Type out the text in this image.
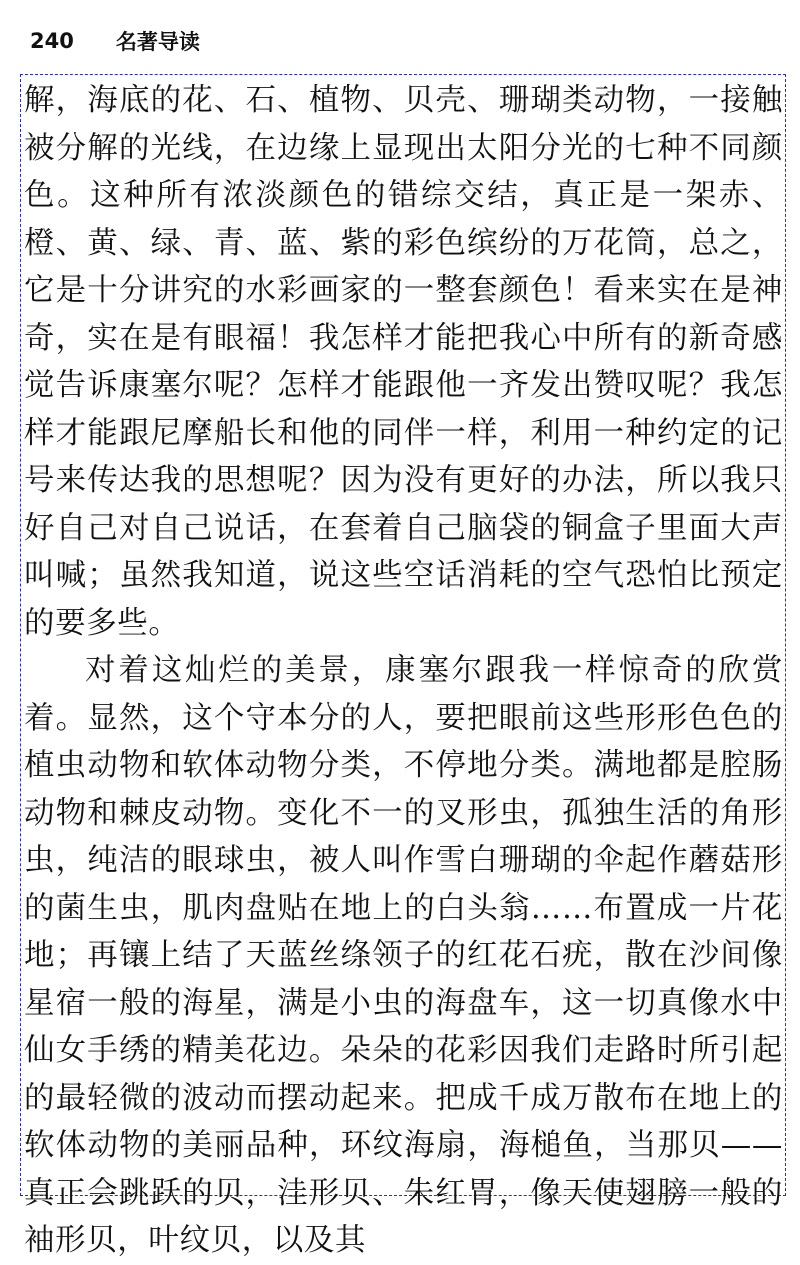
240 名著导读

解，海底的花、石、植物、贝壳、珊瑚类动物，一接触被分解的光线，在边缘上显现出太阳分光的七种不同颜色。这种所有浓淡颜色的错综交结，真正是一架赤、橙、黄、绿、青、蓝、紫的彩色缤纷的万花筒，总之，它是十分讲究的水彩画家的一整套颜色！看来实在是神奇，实在是有眼福！我怎样才能把我心中所有的新奇感觉告诉康塞尔呢？怎样才能跟他一齐发出赞叹呢？我怎样才能跟尼摩船长和他的同伴一样，利用一种约定的记号来传达我的思想呢？因为没有更好的办法，所以我只好自己对自己说话，在套着自己脑袋的铜盒子里面大声叫喊；虽然我知道，说这些空话消耗的空气恐怕比预定的要多些。

对着这灿烂的美景，康塞尔跟我一样惊奇的欣赏着。显然，这个守本分的人，要把眼前这些形形色色的植虫动物和软体动物分类，不停地分类。满地都是腔肠动物和棘皮动物。变化不一的叉形虫，孤独生活的角形虫，纯洁的眼球虫，被人叫作雪白珊瑚的伞起作蘑菇形的菌生虫，肌肉盘贴在地上的白头翁……布置成一片花地；再镶上结了天蓝丝绦领子的红花石疣，散在沙间像星宿一般的海星，满是小虫的海盘车，这一切真像水中仙女手绣的精美花边。朵朵的花彩因我们走路时所引起的最轻微的波动而摆动起来。把成千成万散布在地上的软体动物的美丽品种，环纹海扇，海槌鱼，当那贝——真正会跳跃的贝，洼形贝、朱红胃，像天使翅膀一般的袖形贝，叶纹贝，以及其
